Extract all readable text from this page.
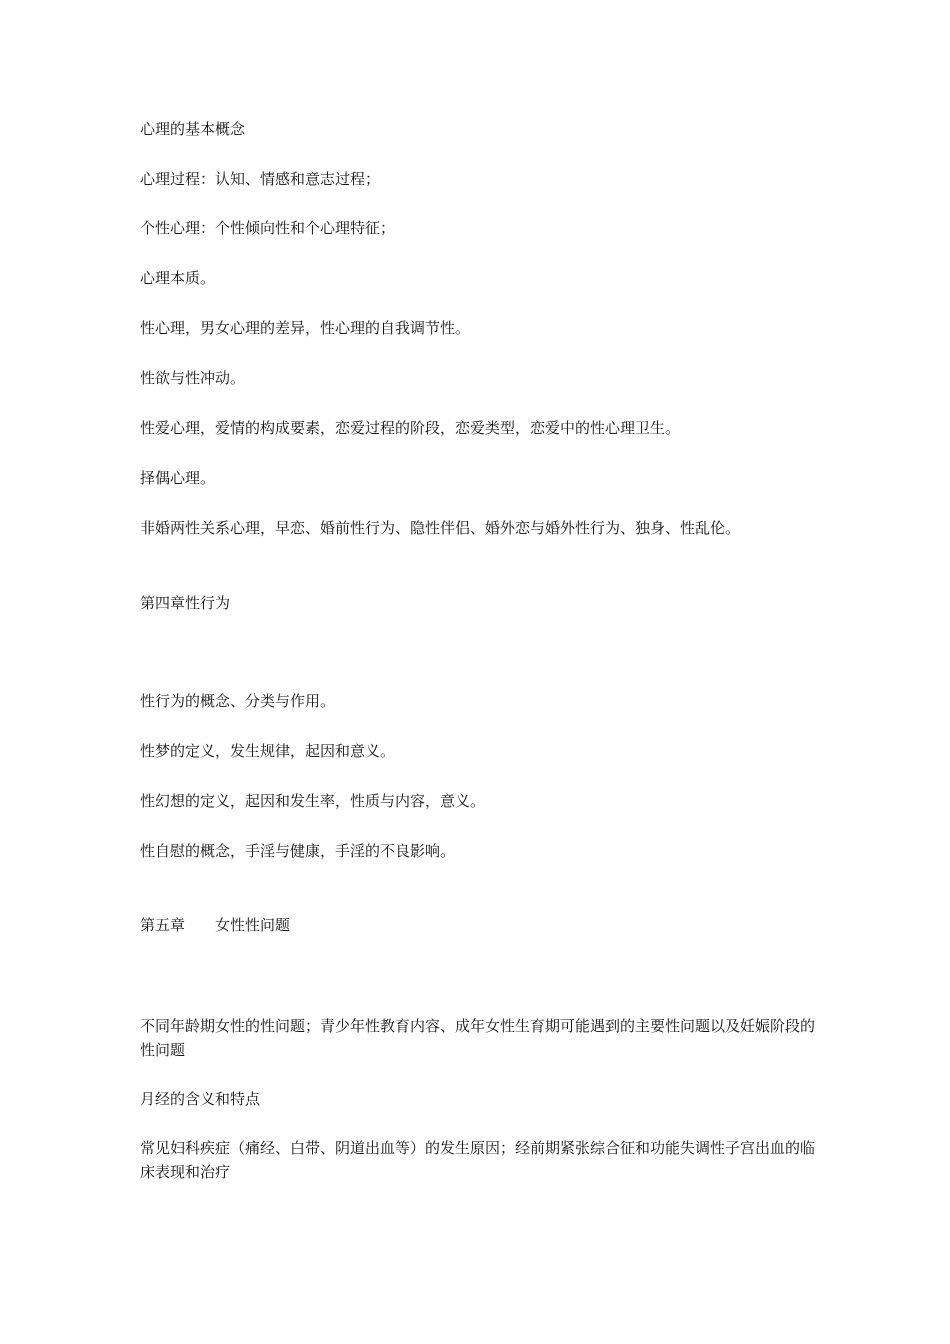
心理的基本概念

心理过程：认知、情感和意志过程；

个性心理：个性倾向性和个心理特征；

心理本质。

性心理，男女心理的差异，性心理的自我调节性。

性欲与性冲动。

性爱心理，爱情的构成要素，恋爱过程的阶段，恋爱类型，恋爱中的性心理卫生。

择偶心理。

非婚两性关系心理，早恋、婚前性行为、隐性伴侣、婚外恋与婚外性行为、独身、性乱伦。

第四章性行为

性行为的概念、分类与作用。

性梦的定义，发生规律，起因和意义。

性幻想的定义，起因和发生率，性质与内容，意义。

性自慰的概念，手淫与健康，手淫的不良影响。

第五章　　女性性问题

不同年龄期女性的性问题；青少年性教育内容、成年女性生育期可能遇到的主要性问题以及妊娠阶段的性问题

月经的含义和特点

常见妇科疾症（痛经、白带、阴道出血等）的发生原因；经前期紧张综合征和功能失调性子宫出血的临床表现和治疗
